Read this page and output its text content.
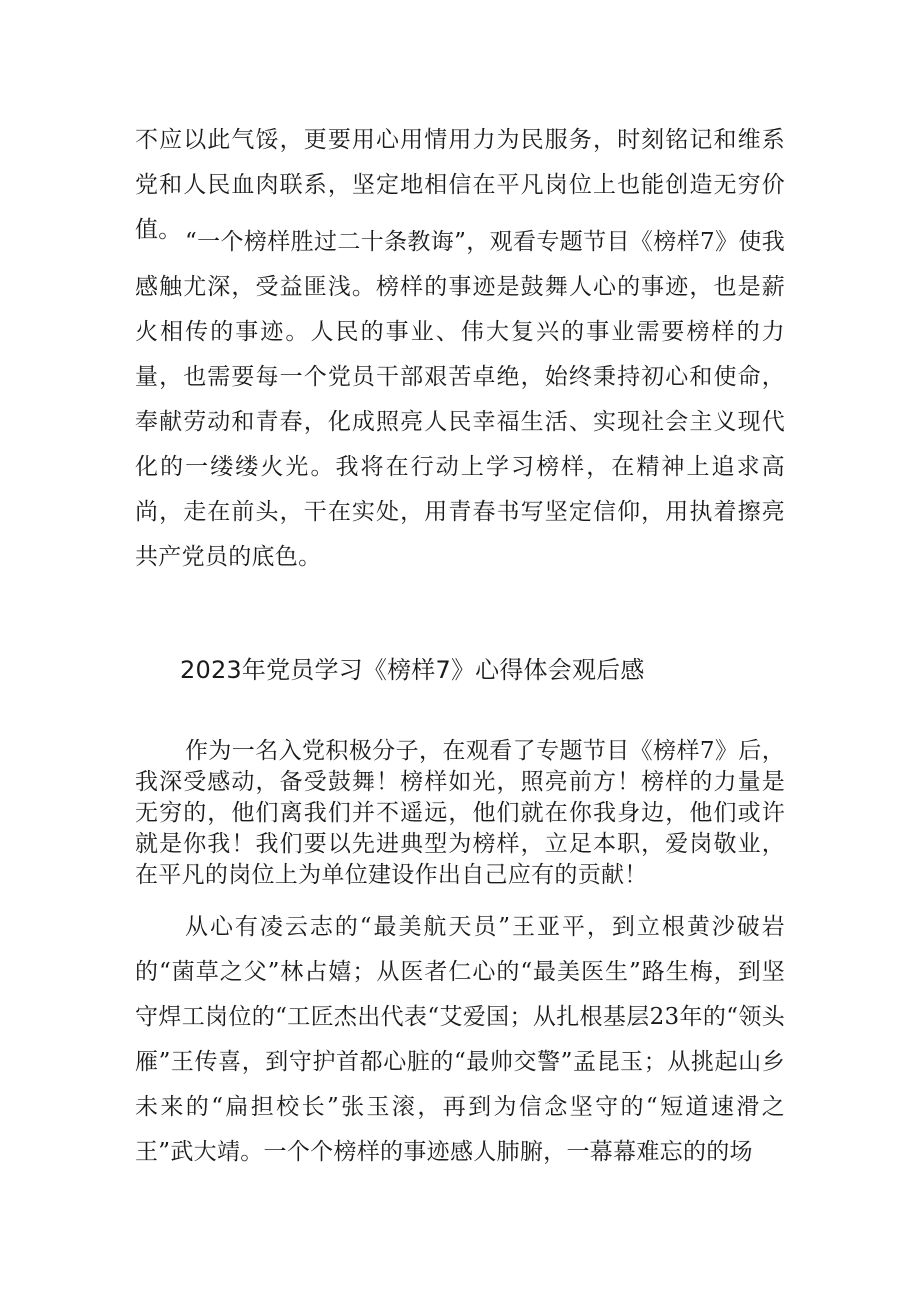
不应以此气馁，更要用心用情用力为民服务，时刻铭记和维系党和人民血肉联系，坚定地相信在平凡岗位上也能创造无穷价值。 “一个榜样胜过二十条教诲”，观看专题节目《榜样7》使我感触尤深，受益匪浅。榜样的事迹是鼓舞人心的事迹，也是薪火相传的事迹。人民的事业、伟大复兴的事业需要榜样的力量，也需要每一个党员干部艰苦卓绝，始终秉持初心和使命，奉献劳动和青春，化成照亮人民幸福生活、实现社会主义现代化的一缕缕火光。我将在行动上学习榜样，在精神上追求高尚，走在前头，干在实处，用青春书写坚定信仰，用执着擦亮共产党员的底色。

2023年党员学习《榜样7》心得体会观后感

作为一名入党积极分子，在观看了专题节目《榜样7》后，我深受感动，备受鼓舞！榜样如光，照亮前方！榜样的力量是无穷的，他们离我们并不遥远，他们就在你我身边，他们或许就是你我！我们要以先进典型为榜样，立足本职，爱岗敬业，在平凡的岗位上为单位建设作出自己应有的贡献！

从心有凌云志的“最美航天员”王亚平，到立根黄沙破岩的“菌草之父”林占嬉；从医者仁心的“最美医生”路生梅，到坚守焊工岗位的“工匠杰出代表“艾爱国；从扎根基层23年的“领头雁”王传喜，到守护首都心脏的“最帅交警”孟昆玉；从挑起山乡未来的“扁担校长”张玉滚，再到为信念坚守的“短道速滑之王”武大靖。一个个榜样的事迹感人肺腑，一幕幕难忘的的场
